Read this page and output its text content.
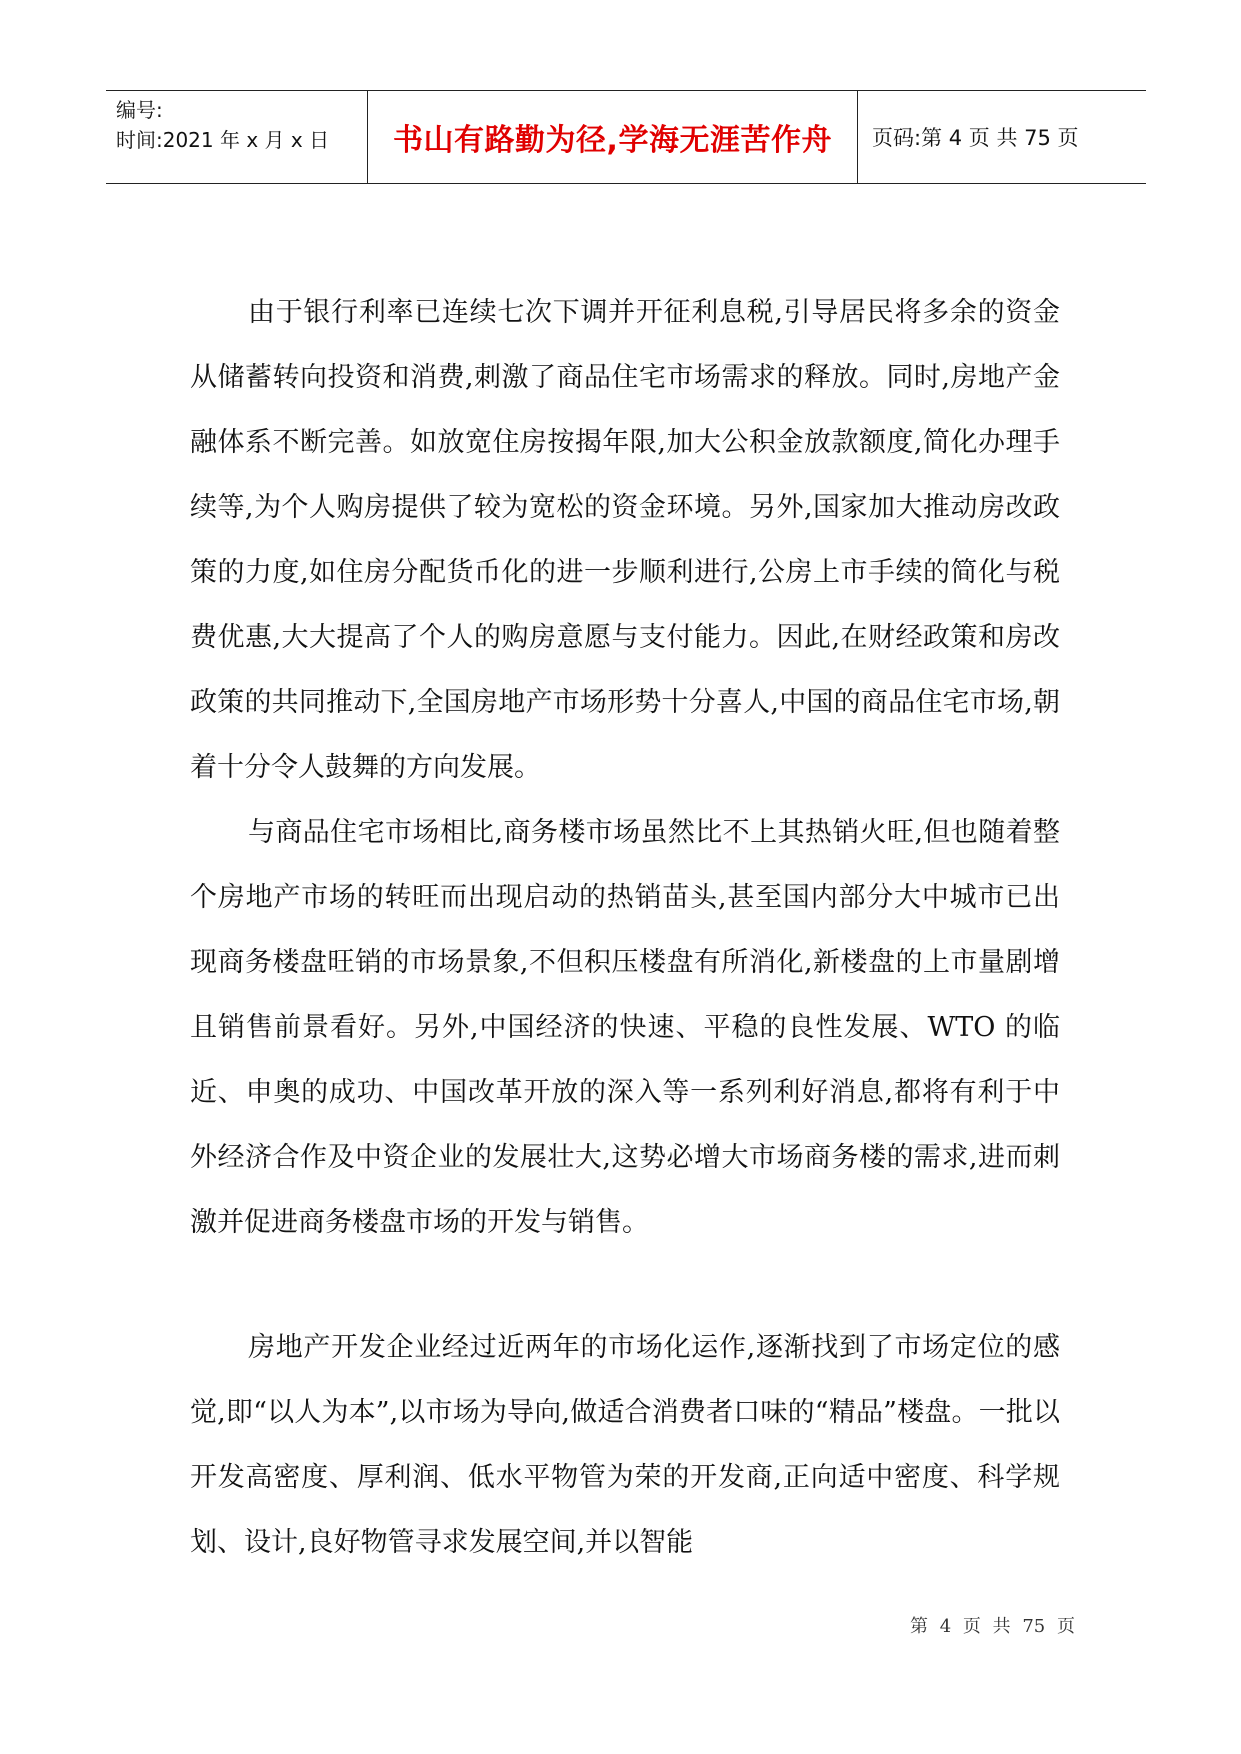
编号:
时间:2021 年 x 月 x 日	书山有路勤为径,学海无涯苦作舟	页码:第 4 页 共 75 页

由于银行利率已连续七次下调并开征利息税,引导居民将多余的资金从储蓄转向投资和消费,刺激了商品住宅市场需求的释放。同时,房地产金融体系不断完善。如放宽住房按揭年限,加大公积金放款额度,简化办理手续等,为个人购房提供了较为宽松的资金环境。另外,国家加大推动房改政策的力度,如住房分配货币化的进一步顺利进行,公房上市手续的简化与税费优惠,大大提高了个人的购房意愿与支付能力。因此,在财经政策和房改政策的共同推动下,全国房地产市场形势十分喜人,中国的商品住宅市场,朝着十分令人鼓舞的方向发展。

与商品住宅市场相比,商务楼市场虽然比不上其热销火旺,但也随着整个房地产市场的转旺而出现启动的热销苗头,甚至国内部分大中城市已出现商务楼盘旺销的市场景象,不但积压楼盘有所消化,新楼盘的上市量剧增且销售前景看好。另外,中国经济的快速、平稳的良性发展、WTO 的临近、申奥的成功、中国改革开放的深入等一系列利好消息,都将有利于中外经济合作及中资企业的发展壮大,这势必增大市场商务楼的需求,进而刺激并促进商务楼盘市场的开发与销售。

房地产开发企业经过近两年的市场化运作,逐渐找到了市场定位的感觉,即“以人为本”,以市场为导向,做适合消费者口味的“精品”楼盘。一批以开发高密度、厚利润、低水平物管为荣的开发商,正向适中密度、科学规划、设计,良好物管寻求发展空间,并以智能

第 4 页 共 75 页
